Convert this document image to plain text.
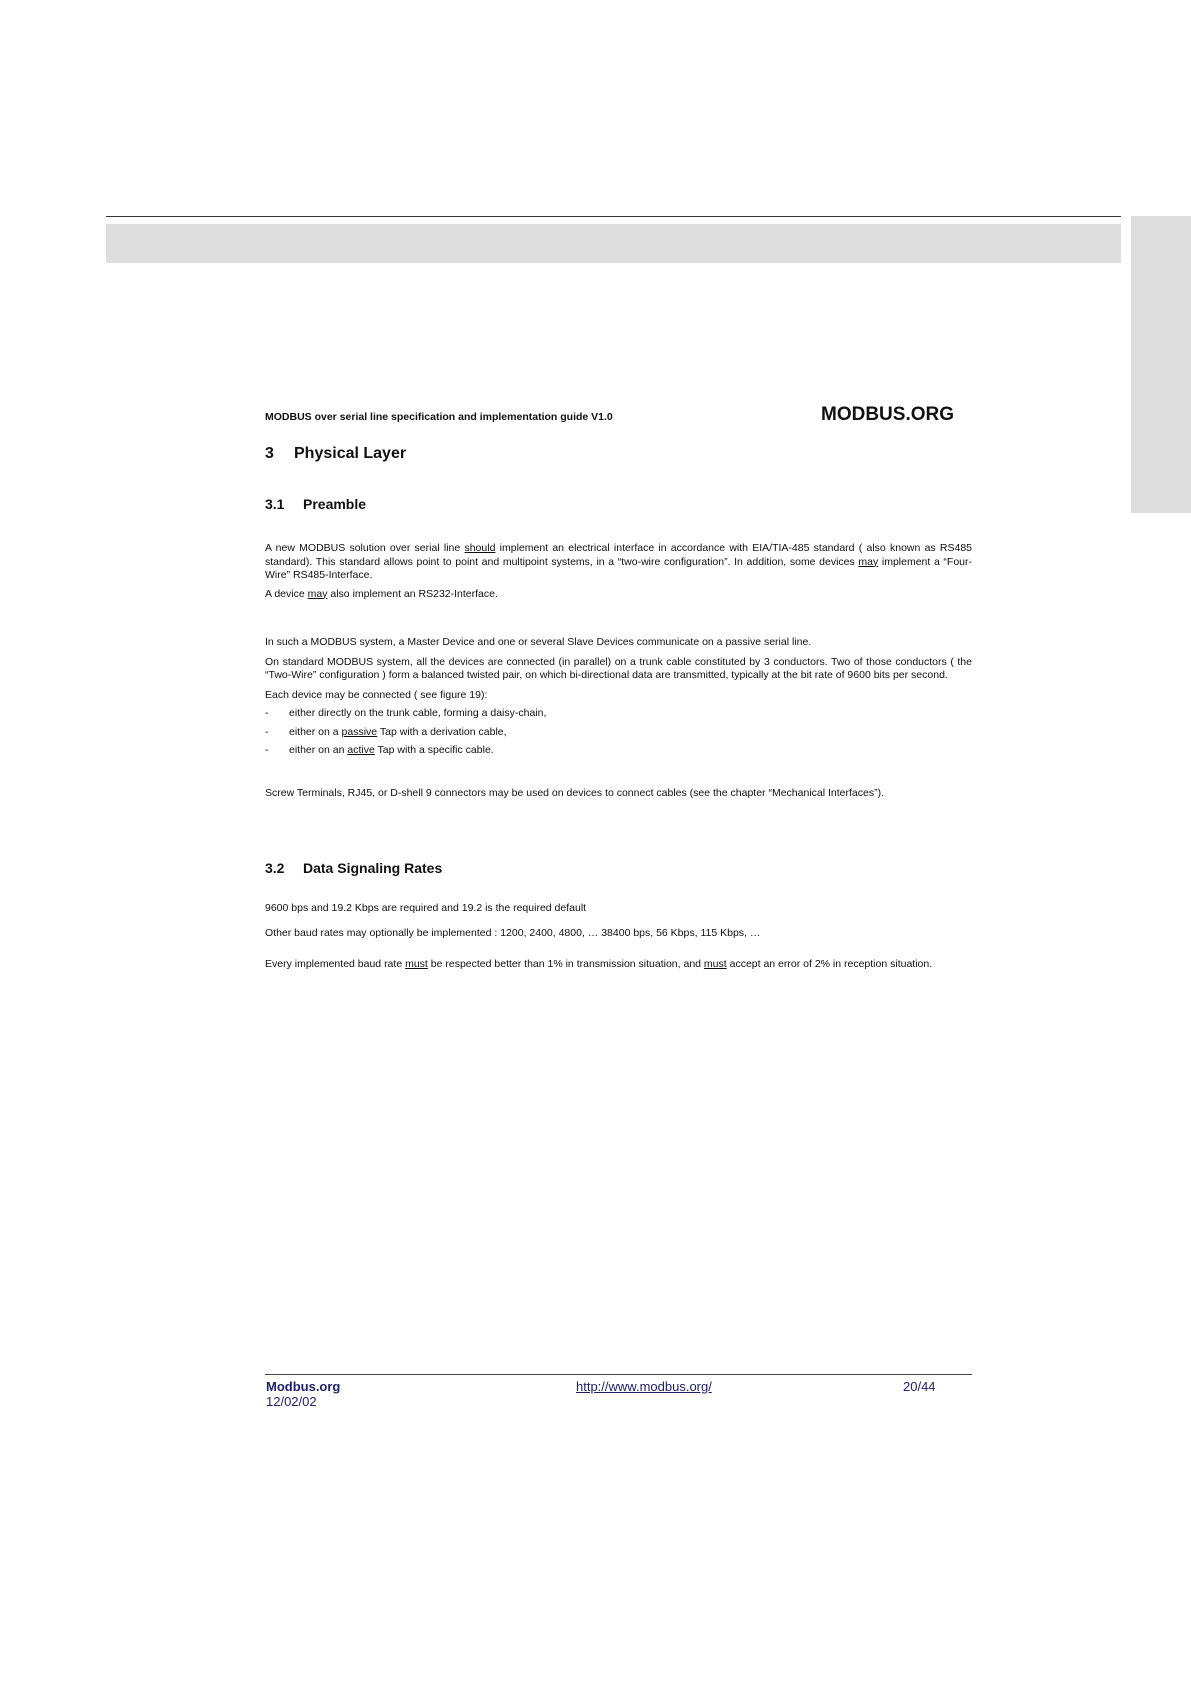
MODBUS over serial line specification and implementation guide V1.0	MODBUS.ORG
3 Physical Layer
3.1 Preamble

A new MODBUS solution over serial line should implement an electrical interface in accordance with EIA/TIA-485 standard ( also known as RS485 standard). This standard allows point to point and multipoint systems, in a “two-wire configuration”. In addition, some devices may implement a “Four-Wire” RS485-Interface.

A device may also implement an RS232-Interface.

In such a MODBUS system, a Master Device and one or several Slave Devices communicate on a passive serial line.

On standard MODBUS system, all the devices are connected (in parallel) on a trunk cable constituted by 3 conductors. Two of those conductors ( the “Two-Wire” configuration ) form a balanced twisted pair, on which bi-directional data are transmitted, typically at the bit rate of 9600 bits per second.

Each device may be connected ( see figure 19):

- either directly on the trunk cable, forming a daisy-chain,

- either on a passive Tap with a derivation cable,

- either on an active Tap with a specific cable.

Screw Terminals, RJ45, or D-shell 9 connectors may be used on devices to connect cables (see the chapter “Mechanical Interfaces”).

3.2 Data Signaling Rates

9600 bps and 19.2 Kbps are required and 19.2 is the required default

Other baud rates may optionally be implemented : 1200, 2400, 4800, … 38400 bps, 56 Kbps, 115 Kbps, …

Every implemented baud rate must be respected better than 1% in transmission situation, and must accept an error of 2% in reception situation.

Modbus.org
12/02/02
http://www.modbus.org/	20/44
